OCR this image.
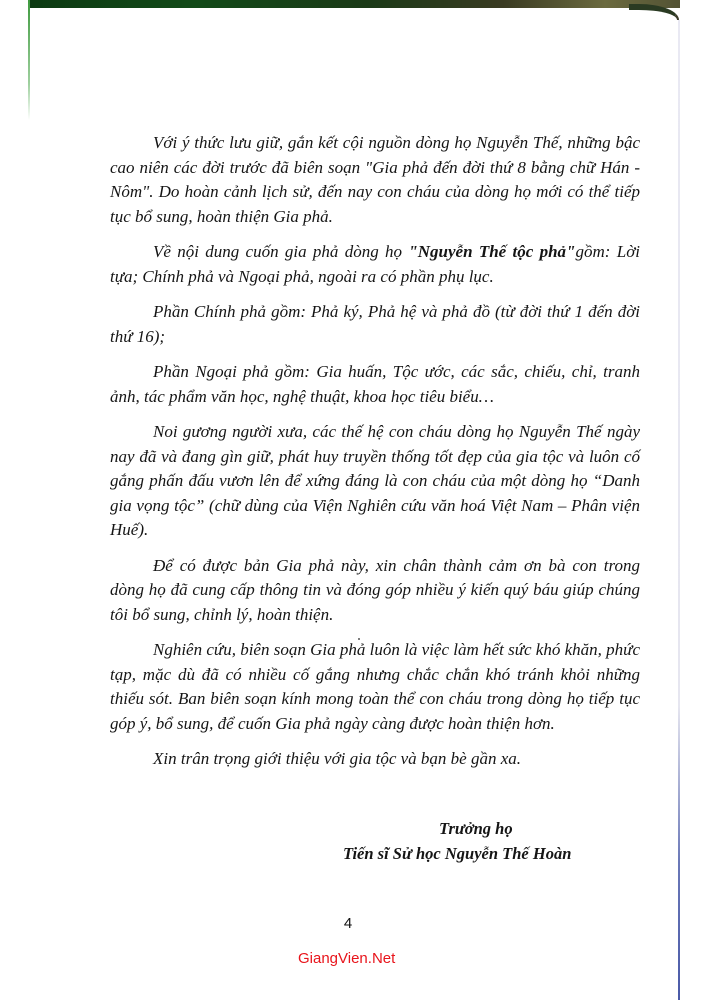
Với ý thức lưu giữ, gắn kết cội nguồn dòng họ Nguyễn Thế, những bậc cao niên các đời trước đã biên soạn "Gia phả đến đời thứ 8 bằng chữ Hán - Nôm". Do hoàn cảnh lịch sử, đến nay con cháu của dòng họ mới có thể tiếp tục bổ sung, hoàn thiện Gia phả.

Về nội dung cuốn gia phả dòng họ "Nguyễn Thế tộc phả"gồm: Lời tựa; Chính phả và Ngoại phả, ngoài ra có phần phụ lục.

Phần Chính phả gồm: Phả ký, Phả hệ và phả đồ (từ đời thứ 1 đến đời thứ 16);

Phần Ngoại phả gồm: Gia huấn, Tộc ước, các sắc, chiếu, chỉ, tranh ảnh, tác phẩm văn học, nghệ thuật, khoa học tiêu biểu…

Noi gương người xưa, các thế hệ con cháu dòng họ Nguyễn Thế ngày nay đã và đang gìn giữ, phát huy truyền thống tốt đẹp của gia tộc và luôn cố gắng phấn đấu vươn lên để xứng đáng là con cháu của một dòng họ “Danh gia vọng tộc” (chữ dùng của Viện Nghiên cứu văn hoá Việt Nam – Phân viện Huế).

Để có được bản Gia phả này, xin chân thành cảm ơn bà con trong dòng họ đã cung cấp thông tin và đóng góp nhiều ý kiến quý báu giúp chúng tôi bổ sung, chỉnh lý, hoàn thiện.

Nghiên cứu, biên soạn Gia phả luôn là việc làm hết sức khó khăn, phức tạp, mặc dù đã có nhiều cố gắng nhưng chắc chắn khó tránh khỏi những thiếu sót. Ban biên soạn kính mong toàn thể con cháu trong dòng họ tiếp tục góp ý, bổ sung, để cuốn Gia phả ngày càng được hoàn thiện hơn.

Xin trân trọng giới thiệu với gia tộc và bạn bè gần xa.

Trưởng họ
Tiến sĩ Sử học Nguyễn Thế Hoàn
4
GiangVien.Net
